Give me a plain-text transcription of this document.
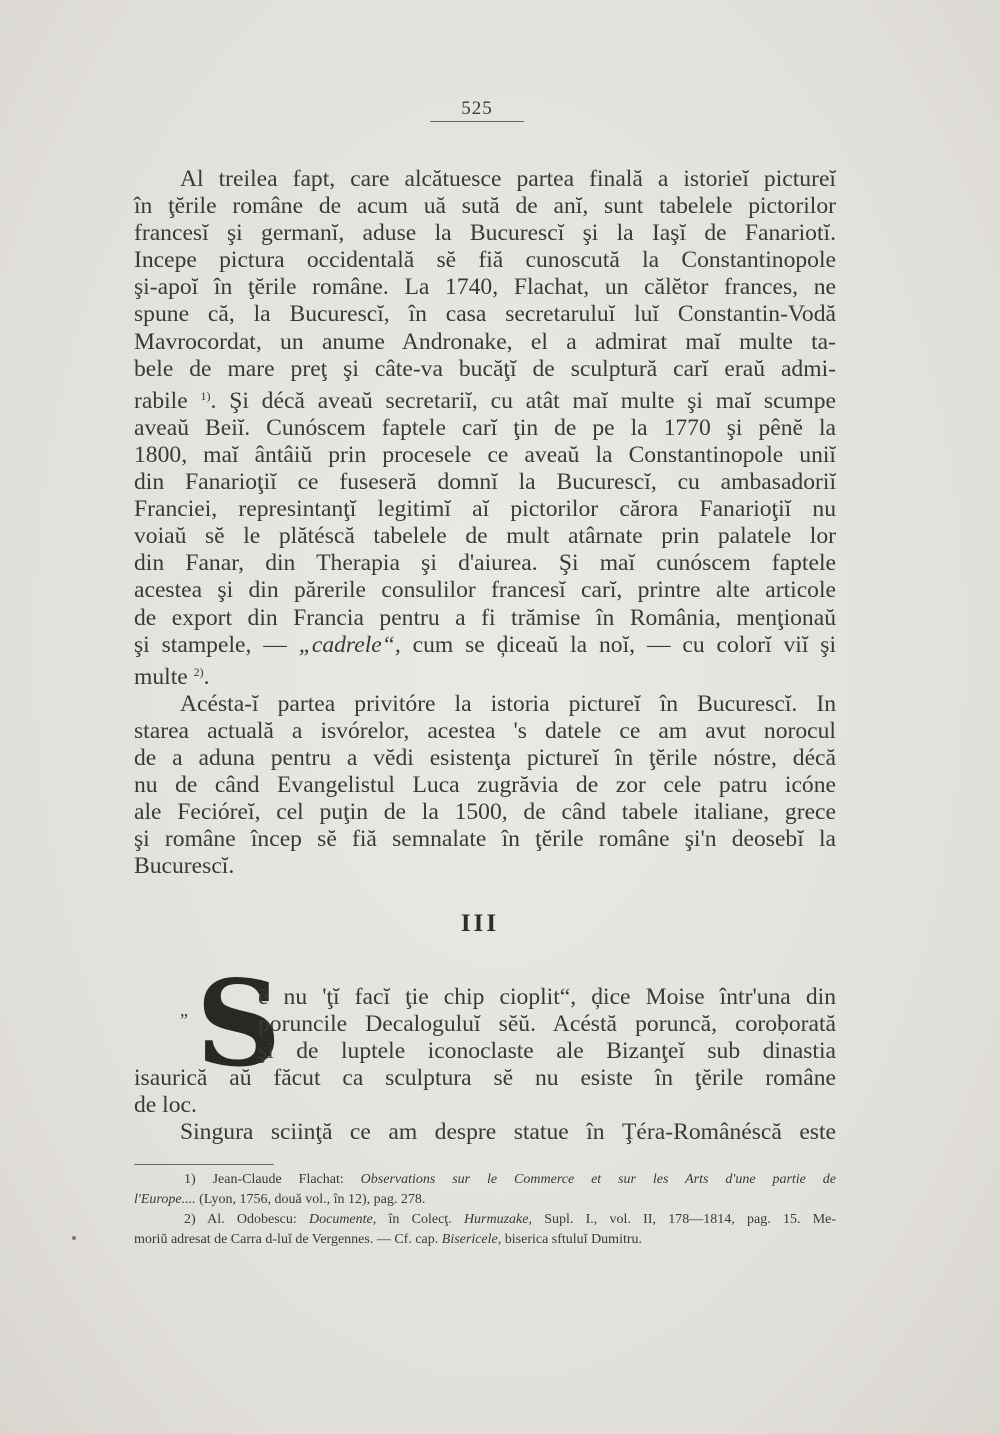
525
Al treilea fapt, care alcătuesce partea finală a istorieĭ pictureĭ
în ţĕrile române de acum uă sută de anĭ, sunt tabelele pictorilor
francesĭ şi germanĭ, aduse la Bucurescĭ şi la Iaşĭ de Fanariotĭ.
Incepe pictura occidentală sĕ fiă cunoscută la Constantinopole
şi-apoĭ în ţĕrile române. La 1740, Flachat, un călĕtor frances, ne
spune că, la Bucurescĭ, în casa secretaruluĭ luĭ Constantin-Vodă
Mavrocordat, un anume Andronake, el a admirat maĭ multe ta-
bele de mare preţ şi câte-va bucăţĭ de sculptură carĭ eraŭ admi-
rabile $^{1)}$. Şi décă aveaŭ secretariĭ, cu atât maĭ multe şi maĭ scumpe
aveaŭ Beiĭ. Cunóscem faptele carĭ ţin de pe la 1770 şi pênĕ la
1800, maĭ ântâiŭ prin procesele ce aveaŭ la Constantinopole uniĭ
din Fanarioţiĭ ce fuseseră domnĭ la Bucurescĭ, cu ambasadoriĭ
Franciei, represintanţĭ legitimĭ aĭ pictorilor cărora Fanarioţiĭ nu
voiaŭ sĕ le plătéscă tabelele de mult atârnate prin palatele lor
din Fanar, din Therapia şi d'aiurea. Şi maĭ cunóscem faptele
acestea şi din părerile consulilor francesĭ carĭ, printre alte articole
de export din Francia pentru a fi trămise în România, menţionaŭ
şi stampele, — „cadrele“, cum se ḑiceaŭ la noĭ, — cu colorĭ viĭ şi
multe $^{2)}$.
Acésta-ĭ partea privitóre la istoria pictureĭ în Bucurescĭ. In
starea actuală a isvórelor, acestea 's datele ce am avut norocul
de a aduna pentru a vĕdi esistenţa pictureĭ în ţĕrile nóstre, décă
nu de când Evangelistul Luca zugrăvia de zor cele patru icóne
ale Fecióreĭ, cel puţin de la 1500, de când tabele italiane, grece
şi române încep sĕ fiă semnalate în ţĕrile române şi'n deosebĭ la
Bucurescĭ.
III
„ S
ĕ nu 'ţĭ facĭ ţie chip cioplit“, ḑice Moise într'una din
poruncile Decaloguluĭ sĕŭ. Acéstă poruncă, coroḅorată
şi de luptele iconoclaste ale Bizanţeĭ sub dinastia
isaurică aŭ făcut ca sculptura sĕ nu esiste în ţĕrile române
de loc.
Singura sciinţă ce am despre statue în Ţéra-Românéscă este
1) Jean-Claude Flachat: Observations sur le Commerce et sur les Arts d'une partie de
l'Europe.... (Lyon, 1756, două vol., în 12), pag. 278.
2) Al. Odobescu: Documente, în Colecţ. Hurmuzake, Supl. I., vol. II, 178—1814, pag. 15. Me-
moriŭ adresat de Carra d-luĭ de Vergennes. — Cf. cap. Bisericele, biserica sftuluĭ Dumitru.
